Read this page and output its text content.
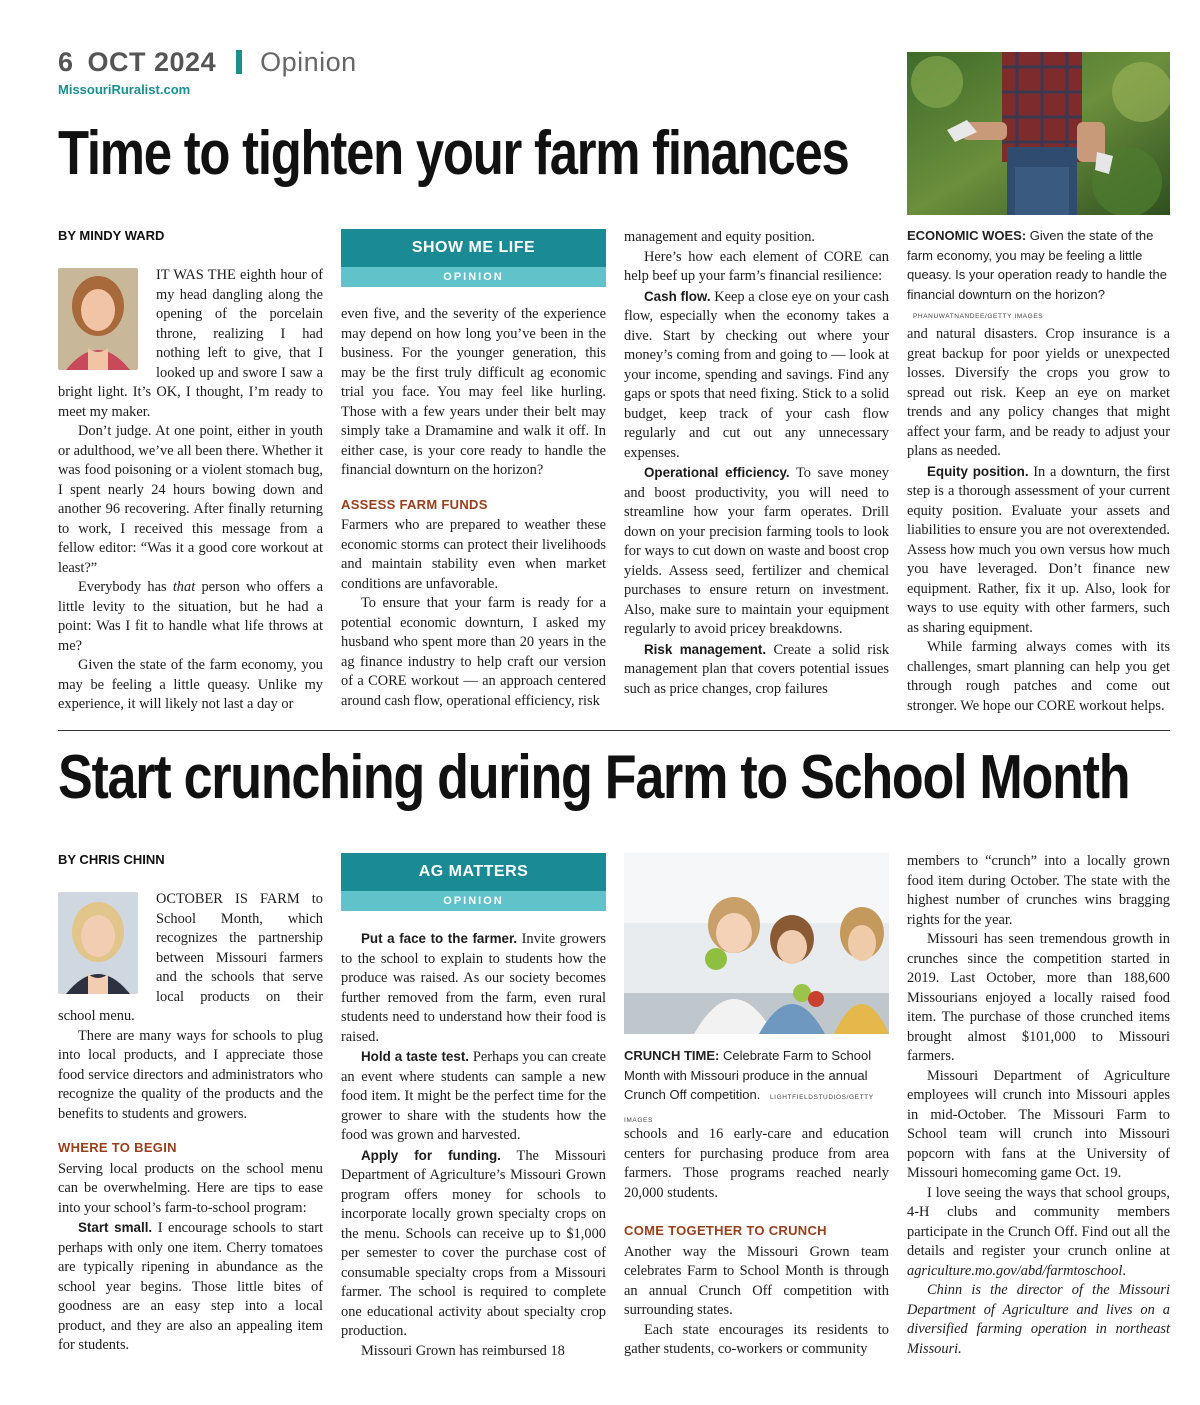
6 OCT 2024 Opinion
MissouriRuralist.com
Time to tighten your farm finances
ECONOMIC WOES: Given the state of the farm economy, you may be feeling a little queasy. Is your operation ready to handle the financial downturn on the horizon? PHANUWATNANDEE/GETTY IMAGES
BY MINDY WARD

IT WAS THE eighth hour of my head dangling along the opening of the porcelain throne, realizing I had nothing left to give, that I looked up and swore I saw a bright light. It’s OK, I thought, I’m ready to meet my maker.

Don’t judge. At one point, either in youth or adulthood, we’ve all been there. Whether it was food poisoning or a violent stomach bug, I spent nearly 24 hours bowing down and another 96 recovering. After finally returning to work, I received this message from a fellow editor: “Was it a good core workout at least?”

Everybody has that person who offers a little levity to the situation, but he had a point: Was I fit to handle what life throws at me?

Given the state of the farm economy, you may be feeling a little queasy. Unlike my experience, it will likely not last a day or

SHOW ME LIFE
OPINION

even five, and the severity of the experience may depend on how long you’ve been in the business. For the younger generation, this may be the first truly difficult ag economic trial you face. You may feel like hurling. Those with a few years under their belt may simply take a Dramamine and walk it off. In either case, is your core ready to handle the financial downturn on the horizon?

ASSESS FARM FUNDS

Farmers who are prepared to weather these economic storms can protect their livelihoods and maintain stability even when market conditions are unfavorable.

To ensure that your farm is ready for a potential economic downturn, I asked my husband who spent more than 20 years in the ag finance industry to help craft our version of a CORE workout — an approach centered around cash flow, operational efficiency, risk

management and equity position.

Here’s how each element of CORE can help beef up your farm’s financial resilience:

Cash flow. Keep a close eye on your cash flow, especially when the economy takes a dive. Start by checking out where your money’s coming from and going to — look at your income, spending and savings. Find any gaps or spots that need fixing. Stick to a solid budget, keep track of your cash flow regularly and cut out any unnecessary expenses.

Operational efficiency. To save money and boost productivity, you will need to streamline how your farm operates. Drill down on your precision farming tools to look for ways to cut down on waste and boost crop yields. Assess seed, fertilizer and chemical purchases to ensure return on investment. Also, make sure to maintain your equipment regularly to avoid pricey breakdowns.

Risk management. Create a solid risk management plan that covers potential issues such as price changes, crop failures

and natural disasters. Crop insurance is a great backup for poor yields or unexpected losses. Diversify the crops you grow to spread out risk. Keep an eye on market trends and any policy changes that might affect your farm, and be ready to adjust your plans as needed.

Equity position. In a downturn, the first step is a thorough assessment of your current equity position. Evaluate your assets and liabilities to ensure you are not overextended. Assess how much you own versus how much you have leveraged. Don’t finance new equipment. Rather, fix it up. Also, look for ways to use equity with other farmers, such as sharing equipment.

While farming always comes with its challenges, smart planning can help you get through rough patches and come out stronger. We hope our CORE workout helps.

Start crunching during Farm to School Month
BY CHRIS CHINN

OCTOBER IS FARM to School Month, which recognizes the partnership between Missouri farmers and the schools that serve local products on their school menu.

There are many ways for schools to plug into local products, and I appreciate those food service directors and administrators who recognize the quality of the products and the benefits to students and growers.

WHERE TO BEGIN

Serving local products on the school menu can be overwhelming. Here are tips to ease into your school’s farm-to-school program:

Start small. I encourage schools to start perhaps with only one item. Cherry tomatoes are typically ripening in abundance as the school year begins. Those little bites of goodness are an easy step into a local product, and they are also an appealing item for students.

AG MATTERS
OPINION

Put a face to the farmer. Invite growers to the school to explain to students how the produce was raised. As our society becomes further removed from the farm, even rural students need to understand how their food is raised.

Hold a taste test. Perhaps you can create an event where students can sample a new food item. It might be the perfect time for the grower to share with the students how the food was grown and harvested.

Apply for funding. The Missouri Department of Agriculture’s Missouri Grown program offers money for schools to incorporate locally grown specialty crops on the menu. Schools can receive up to $1,000 per semester to cover the purchase cost of consumable specialty crops from a Missouri farmer. The school is required to complete one educational activity about specialty crop production.

Missouri Grown has reimbursed 18

CRUNCH TIME: Celebrate Farm to School Month with Missouri produce in the annual Crunch Off competition. LIGHTFIELDSTUDIOS/GETTY IMAGES

schools and 16 early-care and education centers for purchasing produce from area farmers. Those programs reached nearly 20,000 students.

COME TOGETHER TO CRUNCH

Another way the Missouri Grown team celebrates Farm to School Month is through an annual Crunch Off competition with surrounding states.

Each state encourages its residents to gather students, co-workers or community

members to “crunch” into a locally grown food item during October. The state with the highest number of crunches wins bragging rights for the year.

Missouri has seen tremendous growth in crunches since the competition started in 2019. Last October, more than 188,600 Missourians enjoyed a locally raised food item. The purchase of those crunched items brought almost $101,000 to Missouri farmers.

Missouri Department of Agriculture employees will crunch into Missouri apples in mid-October. The Missouri Farm to School team will crunch into Missouri popcorn with fans at the University of Missouri homecoming game Oct. 19.

I love seeing the ways that school groups, 4-H clubs and community members participate in the Crunch Off. Find out all the details and register your crunch online at agriculture.mo.gov/abd/farmtoschool.

Chinn is the director of the Missouri Department of Agriculture and lives on a diversified farming operation in northeast Missouri.
